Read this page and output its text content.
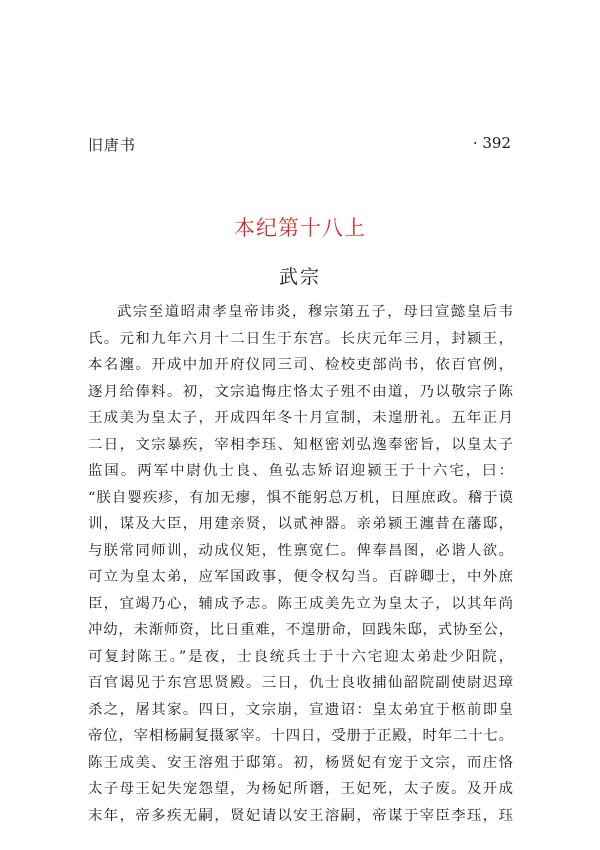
旧唐书	· 392
本纪第十八上
武宗
武宗至道昭肃孝皇帝讳炎，穆宗第五子，母曰宣懿皇后韦
氏。元和九年六月十二日生于东宫。长庆元年三月，封颍王，
本名瀍。开成中加开府仪同三司、检校吏部尚书，依百官例，
逐月给俸料。初，文宗追悔庄恪太子殂不由道，乃以敬宗子陈
王成美为皇太子，开成四年冬十月宣制，未遑册礼。五年正月
二日，文宗暴疾，宰相李珏、知枢密刘弘逸奉密旨，以皇太子
监国。两军中尉仇士良、鱼弘志矫诏迎颍王于十六宅，曰：
“朕自婴疾疹，有加无瘳，惧不能躬总万机，日厘庶政。稽于谟
训，谋及大臣，用建亲贤，以贰神器。亲弟颍王瀍昔在藩邸，
与朕常同师训，动成仪矩，性禀宽仁。俾奉昌图，必谐人欲。
可立为皇太弟，应军国政事，便令权勾当。百辟卿士，中外庶
臣，宜竭乃心，辅成予志。陈王成美先立为皇太子，以其年尚
冲幼，未渐师资，比日重难，不遑册命，回践朱邸，式协至公，
可复封陈王。”是夜，士良统兵士于十六宅迎太弟赴少阳院，
百官谒见于东宫思贤殿。三日，仇士良收捕仙韶院副使尉迟璋
杀之，屠其家。四日，文宗崩，宣遗诏：皇太弟宜于柩前即皇
帝位，宰相杨嗣复摄冢宰。十四日，受册于正殿，时年二十七。
陈王成美、安王溶殂于邸第。初，杨贤妃有宠于文宗，而庄恪
太子母王妃失宠怨望，为杨妃所谮，王妃死，太子废。及开成
末年，帝多疾无嗣，贤妃请以安王溶嗣，帝谋于宰臣李珏，珏
